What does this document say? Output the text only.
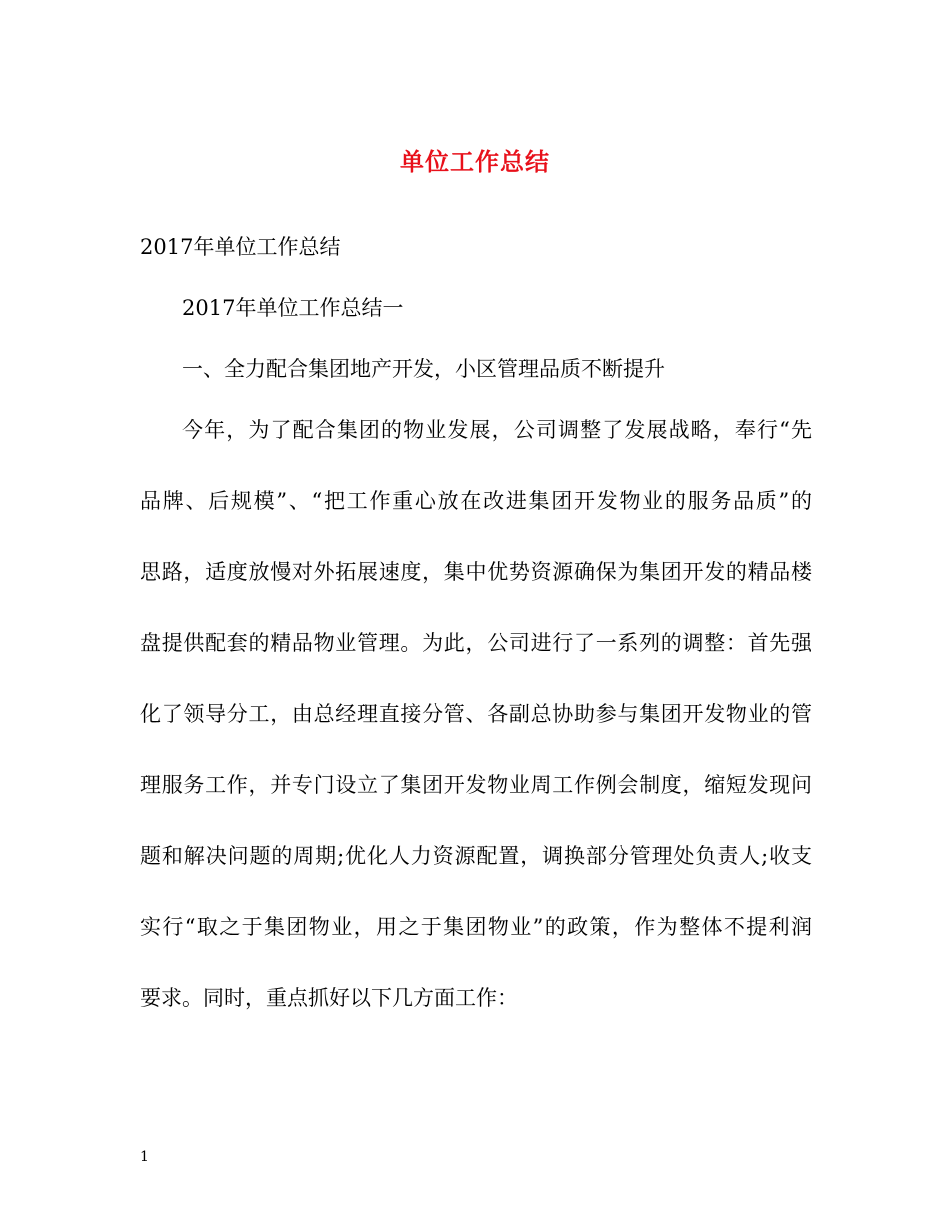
单位工作总结
2017年单位工作总结
2017年单位工作总结一
一、全力配合集团地产开发，小区管理品质不断提升
今年，为了配合集团的物业发展，公司调整了发展战略，奉行“先
品牌、后规模”、“把工作重心放在改进集团开发物业的服务品质”的
思路，适度放慢对外拓展速度，集中优势资源确保为集团开发的精品楼
盘提供配套的精品物业管理。为此，公司进行了一系列的调整：首先强
化了领导分工，由总经理直接分管、各副总协助参与集团开发物业的管
理服务工作，并专门设立了集团开发物业周工作例会制度，缩短发现问
题和解决问题的周期;优化人力资源配置，调换部分管理处负责人;收支
实行“取之于集团物业，用之于集团物业”的政策，作为整体不提利润
要求。同时，重点抓好以下几方面工作：
1
